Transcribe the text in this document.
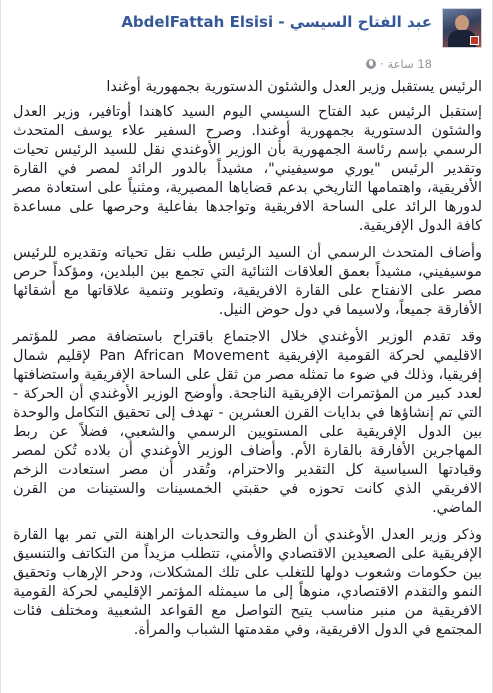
عبد الفتاح السيسي - AbdelFattah Elsisi
18 ساعة
·

الرئيس يستقبل وزير العدل والشئون الدستورية بجمهورية أوغندا

إستقبل الرئيس عبد الفتاح السيسي اليوم السيد كاهندا أوتافير، وزير العدل والشئون الدستورية بجمهورية أوغندا. وصرح السفير علاء يوسف المتحدث الرسمي بإسم رئاسة الجمهورية بأن الوزير الأوغندي نقل للسيد الرئيس تحيات وتقدير الرئيس "يوري موسيفيني"، مشيداً بالدور الرائد لمصر في القارة الأفريقية، واهتمامها التاريخي بدعم قضاياها المصيرية، ومثنياً على استعادة مصر لدورها الرائد على الساحة الافريقية وتواجدها بفاعلية وحرصها على مساعدة كافة الدول الإفريقية.

وأضاف المتحدث الرسمي أن السيد الرئيس طلب نقل تحياته وتقديره للرئيس موسيفيني، مشيداً بعمق العلاقات الثنائية التي تجمع بين البلدين، ومؤكداً حرص مصر على الانفتاح على القارة الافريقية، وتطوير وتنمية علاقاتها مع أشقائها الأفارقة جميعاً، ولاسيما في دول حوض النيل.

وقد تقدم الوزير الأوغندي خلال الاجتماع باقتراح باستضافة مصر للمؤتمر الاقليمي لحركة القومية الإفريقية Pan African Movement لإقليم شمال إفريقيا، وذلك في ضوء ما تمثله مصر من ثقل على الساحة الإفريقية واستضافتها لعدد كبير من المؤتمرات الإفريقية الناجحة. وأوضح الوزير الأوغندي أن الحركة - التي تم إنشاؤها في بدايات القرن العشرين - تهدف إلى تحقيق التكامل والوحدة بين الدول الإفريقية على المستويين الرسمي والشعبي، فضلاً عن ربط المهاجرين الأفارقة بالقارة الأم. وأضاف الوزير الأوغندي أن بلاده تُكن لمصر وقيادتها السياسية كل التقدير والاحترام، وتُقدر أن مصر استعادت الزخم الافريقي الذي كانت تحوزه في حقبتي الخمسينات والستينات من القرن الماضي.

وذكر وزير العدل الأوغندي أن الظروف والتحديات الراهنة التي تمر بها القارة الإفريقية على الصعيدين الاقتصادي والأمني، تتطلب مزيداً من التكاتف والتنسيق بين حكومات وشعوب دولها للتغلب على تلك المشكلات، ودحر الإرهاب وتحقيق النمو والتقدم الاقتصادي، منوهاً إلى ما سيمثله المؤتمر الإقليمي لحركة القومية الافريقية من منبر مناسب يتيح التواصل مع القواعد الشعبية ومختلف فئات المجتمع في الدول الافريقية، وفي مقدمتها الشباب والمرأة.
